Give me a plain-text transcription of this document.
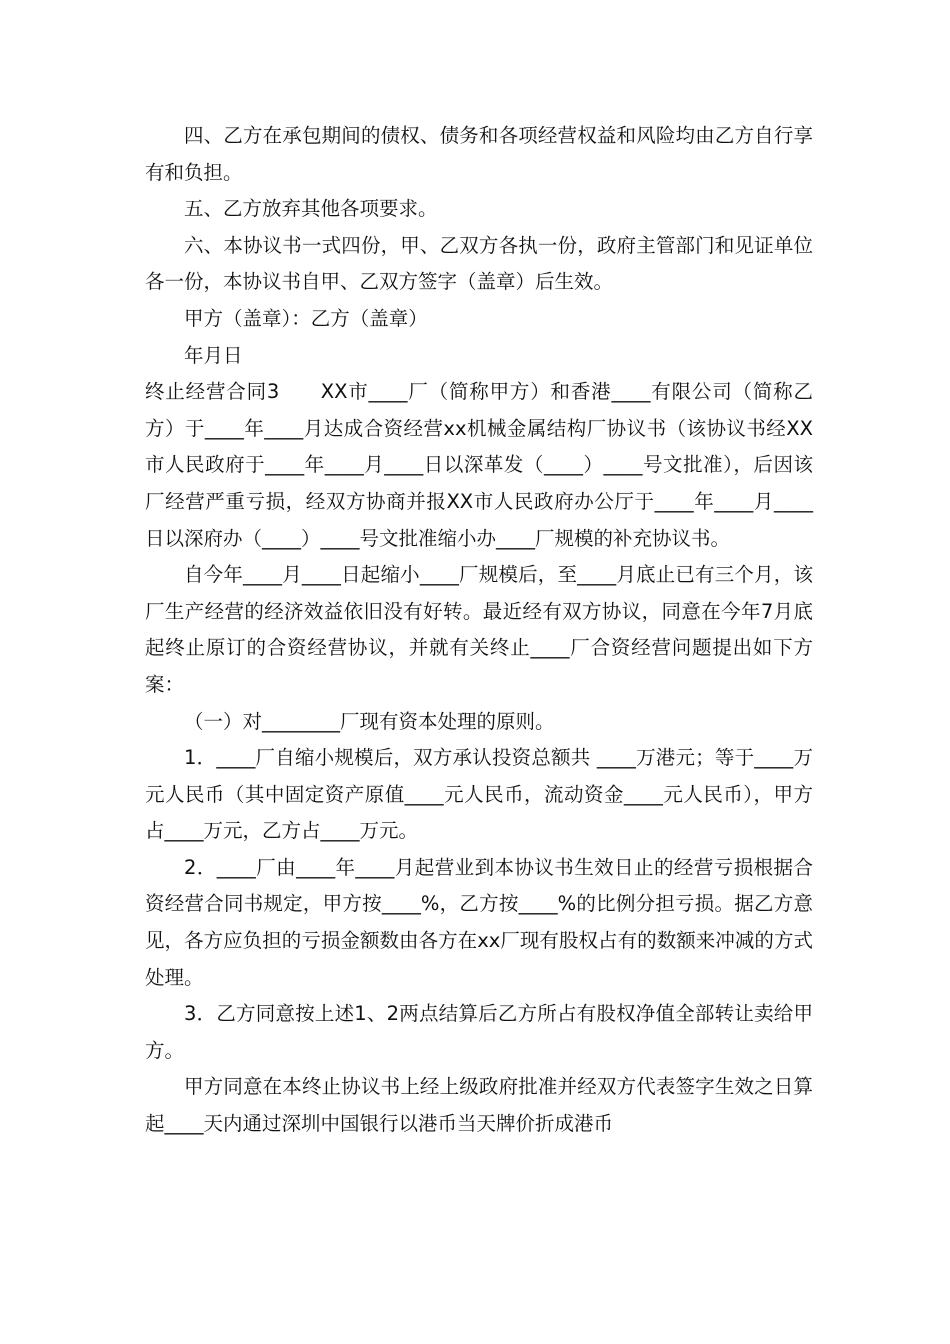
四、乙方在承包期间的债权、债务和各项经营权益和风险均由乙方自行享有和负担。

五、乙方放弃其他各项要求。

六、本协议书一式四份，甲、乙双方各执一份，政府主管部门和见证单位各一份，本协议书自甲、乙双方签字（盖章）后生效。

甲方（盖章）：乙方（盖章）

年月日

终止经营合同3　　XX市____厂（简称甲方）和香港____有限公司（简称乙方）于____年____月达成合资经营xx机械金属结构厂协议书（该协议书经XX市人民政府于____年____月____日以深革发（____）____号文批准），后因该厂经营严重亏损，经双方协商并报XX市人民政府办公厅于____年____月____日以深府办（____）____号文批准缩小办____厂规模的补充协议书。

自今年____月____日起缩小____厂规模后，至____月底止已有三个月，该厂生产经营的经济效益依旧没有好转。最近经有双方协议，同意在今年7月底起终止原订的合资经营协议，并就有关终止____厂合资经营问题提出如下方案：

（一）对________厂现有资本处理的原则。

1．____厂自缩小规模后，双方承认投资总额共 ____万港元；等于____万元人民币（其中固定资产原值____元人民币，流动资金____元人民币），甲方占____万元，乙方占____万元。

2．____厂由____年____月起营业到本协议书生效日止的经营亏损根据合资经营合同书规定，甲方按____%，乙方按____%的比例分担亏损。据乙方意见，各方应负担的亏损金额数由各方在xx厂现有股权占有的数额来冲减的方式处理。

3．乙方同意按上述1、2两点结算后乙方所占有股权净值全部转让卖给甲方。

甲方同意在本终止协议书上经上级政府批准并经双方代表签字生效之日算起____天内通过深圳中国银行以港币当天牌价折成港币
